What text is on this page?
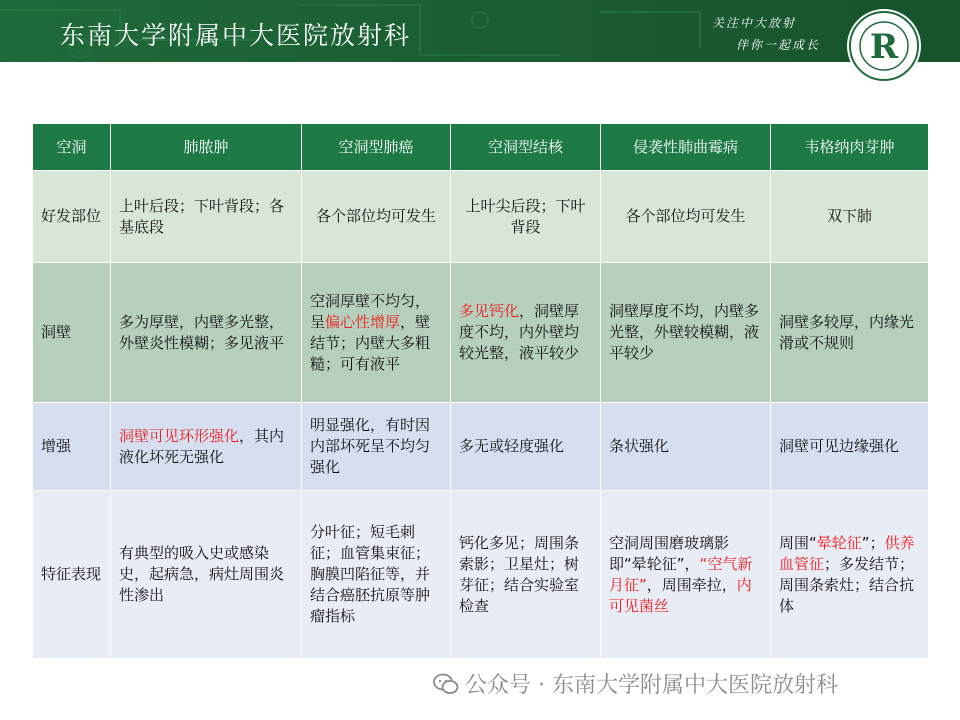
东南大学附属中大医院放射科	关注中大放射
伴你一起成长 R
空洞	肺脓肿	空洞型肺癌	空洞型结核	侵袭性肺曲霉病	韦格纳肉芽肿
好发部位	上叶后段；下叶背段；各基底段	各个部位均可发生	上叶尖后段；下叶背段	各个部位均可发生	双下肺
洞壁	多为厚壁，内壁多光整，外壁炎性模糊；多见液平	空洞厚壁不均匀，呈偏心性增厚，壁结节；内壁大多粗糙；可有液平	多见钙化，洞壁厚度不均，内外壁均较光整，液平较少	洞壁厚度不均，内壁多光整，外壁较模糊，液平较少	洞壁多较厚，内缘光滑或不规则
增强	洞壁可见环形强化，其内液化坏死无强化	明显强化，有时因内部坏死呈不均匀强化	多无或轻度强化	条状强化	洞壁可见边缘强化
特征表现	有典型的吸入史或感染史，起病急，病灶周围炎性渗出	分叶征；短毛刺征；血管集束征；胸膜凹陷征等，并结合癌胚抗原等肿瘤指标	钙化多见；周围条索影；卫星灶；树芽征；结合实验室检查	空洞周围磨玻璃影即“晕轮征”，“空气新月征”，周围牵拉，内可见菌丝	周围“晕轮征”；供养血管征；多发结节；周围条索灶；结合抗体
公众号 · 东南大学附属中大医院放射科
